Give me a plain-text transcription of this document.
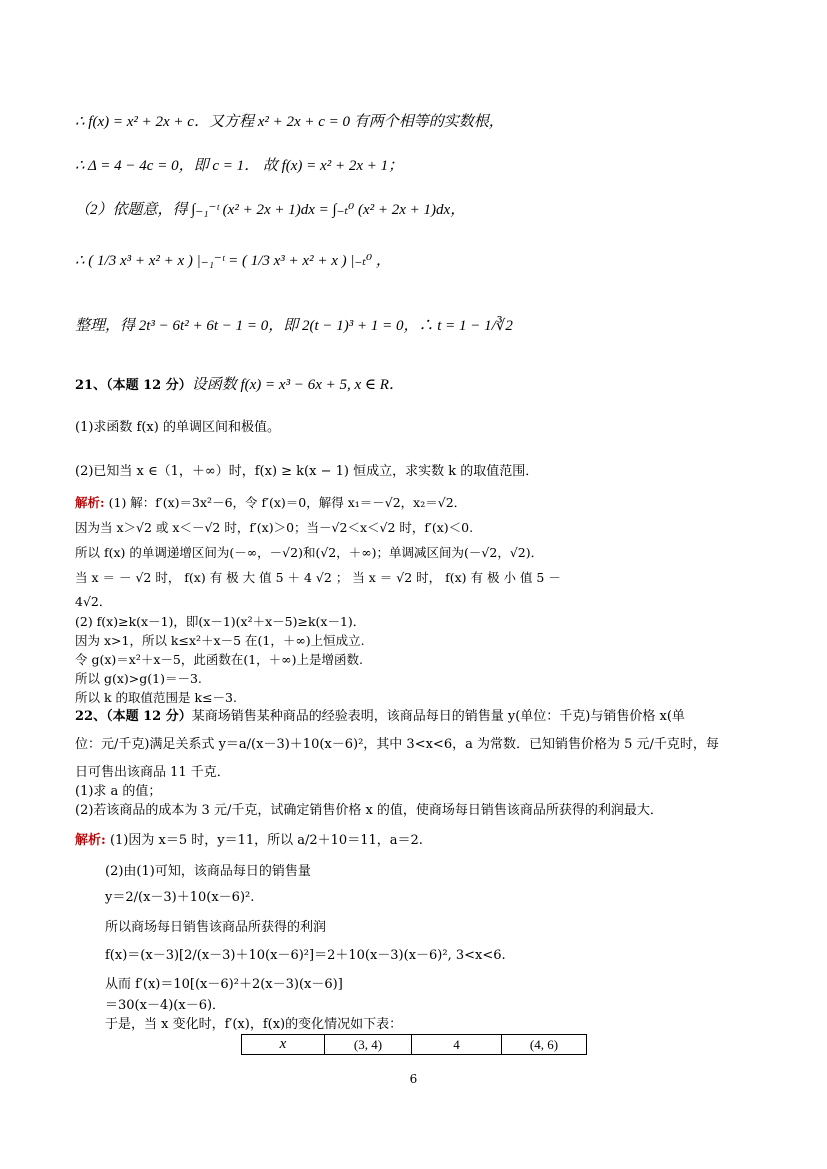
∴ f(x) = x² + 2x + c．又方程 x² + 2x + c = 0 有两个相等的实数根，
∴ Δ = 4 − 4c = 0，即 c = 1． 故 f(x) = x² + 2x + 1；
（2）依题意，得 ∫₋₁⁻ᵗ (x² + 2x + 1)dx = ∫₋ₜ⁰ (x² + 2x + 1)dx，
∴ ( 1/3 x³ + x² + x ) |₋₁⁻ᵗ = ( 1/3 x³ + x² + x ) |₋ₜ⁰ ，
整理，得 2t³ − 6t² + 6t − 1 = 0，即 2(t − 1)³ + 1 = 0，∴ t = 1 − 1/∛2
21、（本题 12 分）设函数 f(x) = x³ − 6x + 5, x ∈ R．
(1)求函数 f(x) 的单调区间和极值。
(2)已知当 x ∈（1，＋∞）时，f(x) ≥ k(x − 1) 恒成立，求实数 k 的取值范围．
解析: (1) 解：f′(x)＝3x²－6，令 f′(x)＝0，解得 x₁＝－√2，x₂＝√2．
因为当 x＞√2 或 x＜－√2 时，f′(x)＞0；当－√2＜x＜√2 时，f′(x)＜0.
所以 f(x) 的单调递增区间为(－∞，－√2)和(√2，＋∞)；单调减区间为(－√2，√2)．
当 x ＝ － √2 时， f(x) 有 极 大 值 5 ＋ 4 √2 ； 当 x ＝ √2 时， f(x) 有 极 小 值 5 －
4√2．
(2) f(x)≥k(x－1)，即(x－1)(x²＋x－5)≥k(x－1)．
因为 x>1，所以 k≤x²＋x－5 在(1，＋∞)上恒成立.
令 g(x)＝x²＋x－5，此函数在(1，＋∞)上是增函数.
所以 g(x)>g(1)＝－3.
所以 k 的取值范围是 k≤－3.
22、（本题 12 分）某商场销售某种商品的经验表明，该商品每日的销售量 y(单位：千克)与销售价格 x(单
位：元/千克)满足关系式 y＝a/(x－3)＋10(x－6)²，其中 3<x<6，a 为常数．已知销售价格为 5 元/千克时，每
日可售出该商品 11 千克．
(1)求 a 的值；
(2)若该商品的成本为 3 元/千克，试确定销售价格 x 的值，使商场每日销售该商品所获得的利润最大．
解析: (1)因为 x＝5 时，y＝11，所以 a/2＋10＝11，a＝2.
(2)由(1)可知，该商品每日的销售量
y＝2/(x－3)＋10(x－6)².
所以商场每日销售该商品所获得的利润
f(x)＝(x－3)[2/(x－3)＋10(x－6)²]＝2＋10(x－3)(x－6)², 3<x<6.
从而 f′(x)＝10[(x－6)²＋2(x－3)(x－6)]
＝30(x－4)(x－6)．
于是，当 x 变化时，f′(x)，f(x)的变化情况如下表：
x	(3, 4)	4	(4, 6)
6
